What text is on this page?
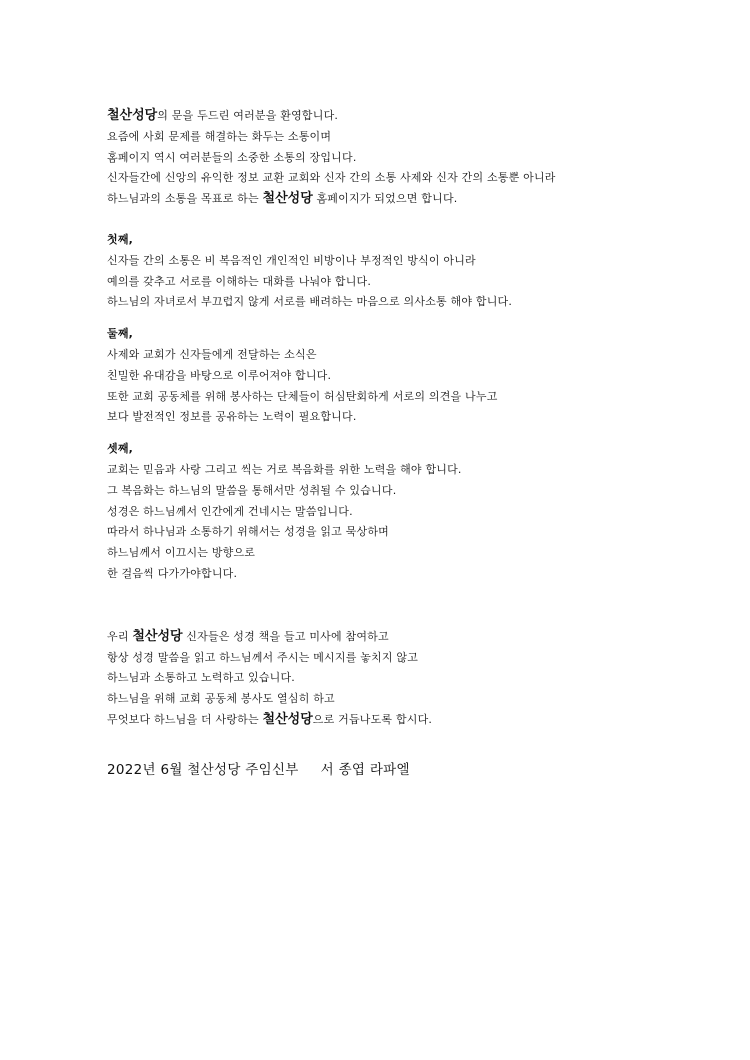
철산성당의 문을 두드린 여러분을 환영합니다.
요즘에 사회 문제를 해결하는 화두는 소통이며
홈페이지 역시 여러분들의 소중한 소통의 장입니다.
신자들간에 신앙의 유익한 정보 교환 교회와 신자 간의 소통 사제와 신자 간의 소통뿐 아니라
하느님과의 소통을 목표로 하는 철산성당 홈페이지가 되었으면 합니다.
첫째,
신자들 간의 소통은 비 복음적인 개인적인 비방이나 부정적인 방식이 아니라
예의를 갖추고 서로를 이해하는 대화를 나눠야 합니다.
하느님의 자녀로서 부끄럽지 않게 서로를 배려하는 마음으로 의사소통 해야 합니다.
둘째,
사제와 교회가 신자들에게 전달하는 소식은
친밀한 유대감을 바탕으로 이루어져야 합니다.
또한 교회 공동체를 위해 봉사하는 단체들이 허심탄회하게 서로의 의견을 나누고
보다 발전적인 정보를 공유하는 노력이 필요합니다.
셋째,
교회는 믿음과 사랑 그리고 씩는 거로 복음화를 위한 노력을 해야 합니다.
그 복음화는 하느님의 말씀을 통해서만 성취될 수 있습니다.
성경은 하느님께서 인간에게 건네시는 말씀입니다.
따라서 하나님과 소통하기 위해서는 성경을 읽고 묵상하며
하느님께서 이끄시는 방향으로
한 걸음씩 다가가야합니다.
우리 철산성당 신자들은 성경 책을 들고 미사에 참여하고
항상 성경 말씀을 읽고 하느님께서 주시는 메시지를 놓치지 않고
하느님과 소통하고 노력하고 있습니다.
하느님을 위해 교회 공동체 봉사도 열심히 하고
무엇보다 하느님을 더 사랑하는 철산성당으로 거듭나도록 합시다.
2022년 6월 철산성당 주임신부 서 종엽 라파엘
